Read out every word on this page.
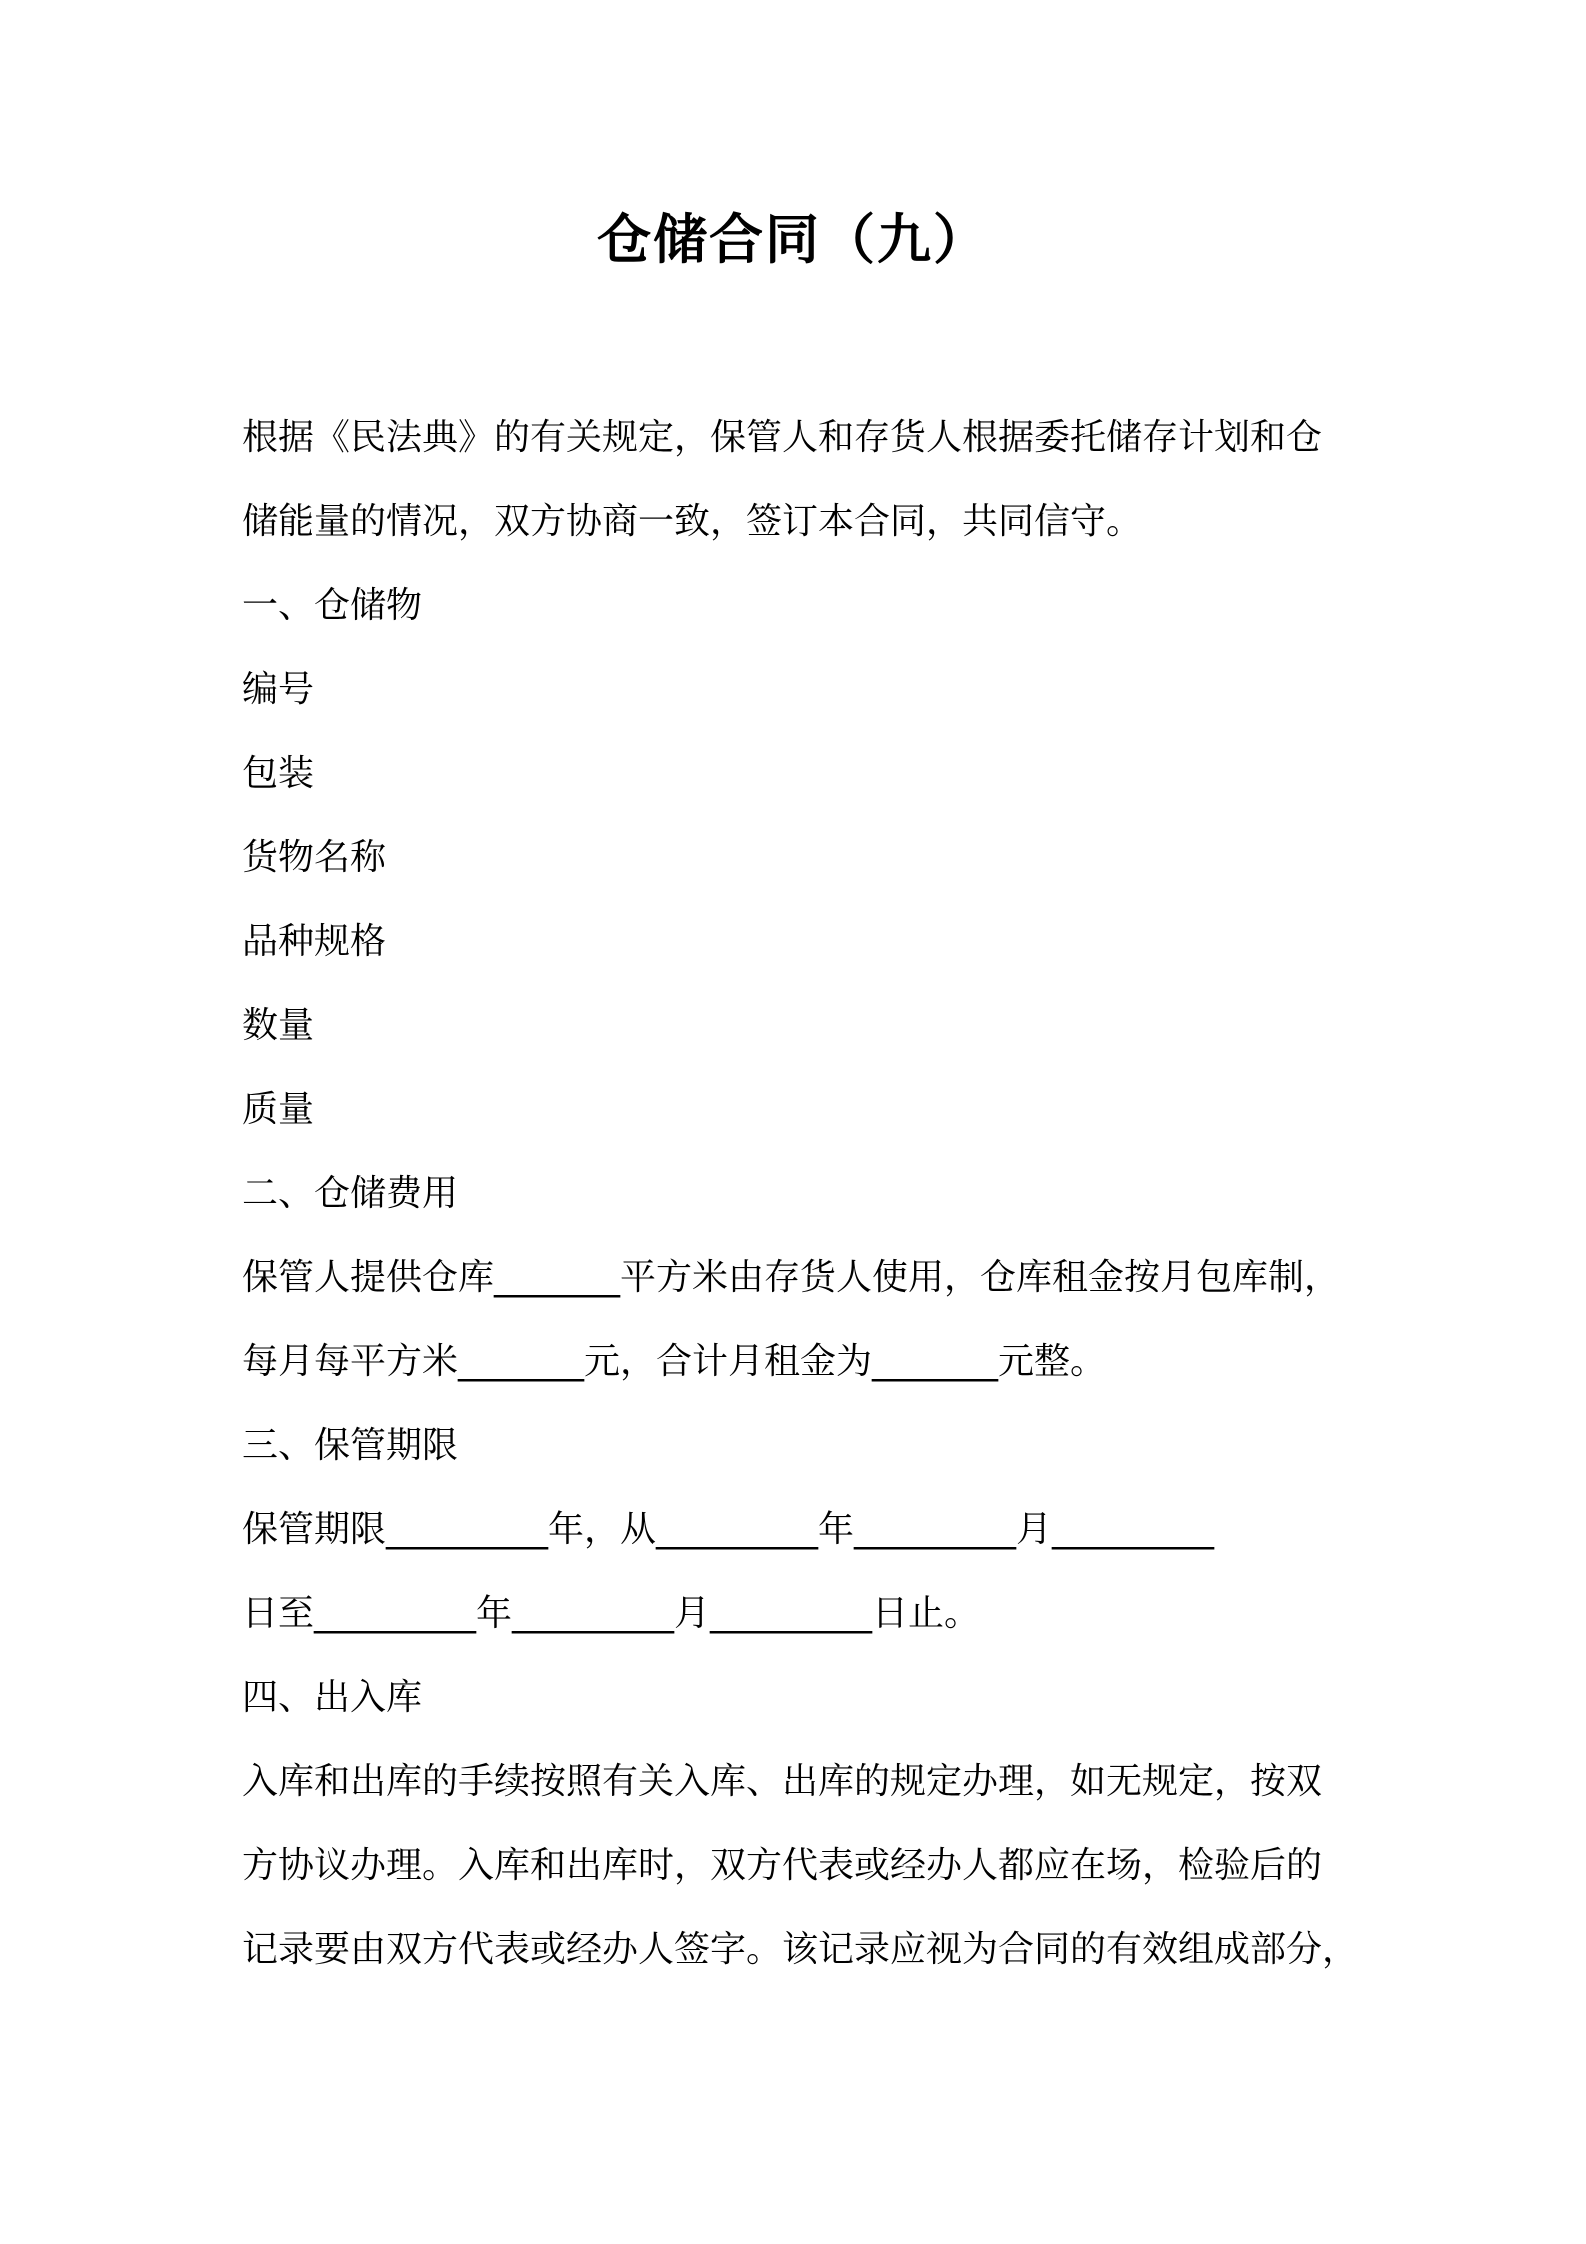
仓储合同（九）
根据《民法典》的有关规定，保管人和存货人根据委托储存计划和仓
储能量的情况，双方协商一致，签订本合同，共同信守。
一、仓储物
编号
包装
货物名称
品种规格
数量
质量
二、仓储费用
保管人提供仓库_______平方米由存货人使用，仓库租金按月包库制，
每月每平方米_______元，合计月租金为_______元整。
三、保管期限
保管期限_________年，从_________年_________月_________
日至_________年_________月_________日止。
四、出入库
入库和出库的手续按照有关入库、出库的规定办理，如无规定，按双
方协议办理。入库和出库时，双方代表或经办人都应在场，检验后的
记录要由双方代表或经办人签字。该记录应视为合同的有效组成部分，
